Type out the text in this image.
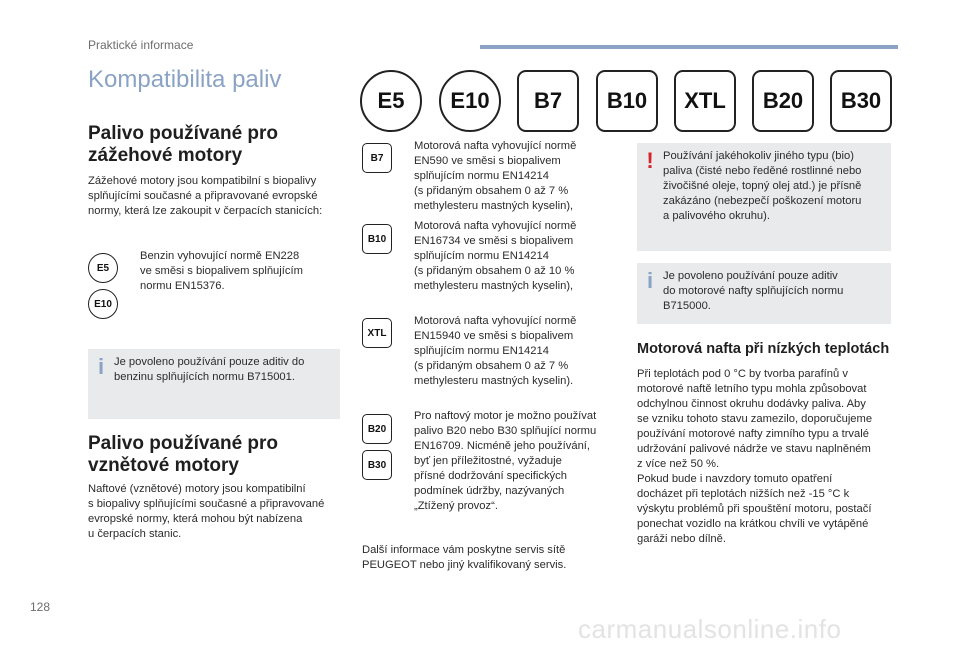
Praktické informace
Kompatibilita paliv
E5	E10	B7	B10	XTL	B20	B30
Palivo používané pro
zážehové motory
Zážehové motory jsou kompatibilní s biopalivy
splňujícími současné a připravované evropské
normy, která lze zakoupit v čerpacích stanicích:
E5
E10
Benzin vyhovující normě EN228
ve směsi s biopalivem splňujícím
normu EN15376.
i Je povoleno používání pouze aditiv do
benzinu splňujících normu B715001.
Palivo používané pro
vznětové motory
Naftové (vznětové) motory jsou kompatibilní
s biopalivy splňujícími současné a připravované
evropské normy, která mohou být nabízena
u čerpacích stanic.
B7
Motorová nafta vyhovující normě
EN590 ve směsi s biopalivem
splňujícím normu EN14214
(s přidaným obsahem 0 až 7 %
methylesteru mastných kyselin),
B10
Motorová nafta vyhovující normě
EN16734 ve směsi s biopalivem
splňujícím normu EN14214
(s přidaným obsahem 0 až 10 %
methylesteru mastných kyselin),
XTL
Motorová nafta vyhovující normě
EN15940 ve směsi s biopalivem
splňujícím normu EN14214
(s přidaným obsahem 0 až 7 %
methylesteru mastných kyselin).
B20
B30
Pro naftový motor je možno používat
palivo B20 nebo B30 splňující normu
EN16709. Nicméně jeho používání,
byť jen příležitostné, vyžaduje
přísné dodržování specifických
podmínek údržby, nazývaných
„Ztížený provoz“.
Další informace vám poskytne servis sítě
PEUGEOT nebo jiný kvalifikovaný servis.
! Používání jakéhokoliv jiného typu (bio)
paliva (čisté nebo ředěné rostlinné nebo
živočišné oleje, topný olej atd.) je přísně
zakázáno (nebezpečí poškození motoru
a palivového okruhu).
i Je povoleno používání pouze aditiv
do motorové nafty splňujících normu
B715000.
Motorová nafta při nízkých teplotách
Při teplotách pod 0 °C by tvorba parafínů v
motorové naftě letního typu mohla způsobovat
odchylnou činnost okruhu dodávky paliva. Aby
se vzniku tohoto stavu zamezilo, doporučujeme
používání motorové nafty zimního typu a trvalé
udržování palivové nádrže ve stavu naplněném
z více než 50 %.
Pokud bude i navzdory tomuto opatření
docházet při teplotách nižších než -15 °C k
výskytu problémů při spouštění motoru, postačí
ponechat vozidlo na krátkou chvíli ve vytápěné
garáži nebo dílně.
128
carmanualsonline.info
